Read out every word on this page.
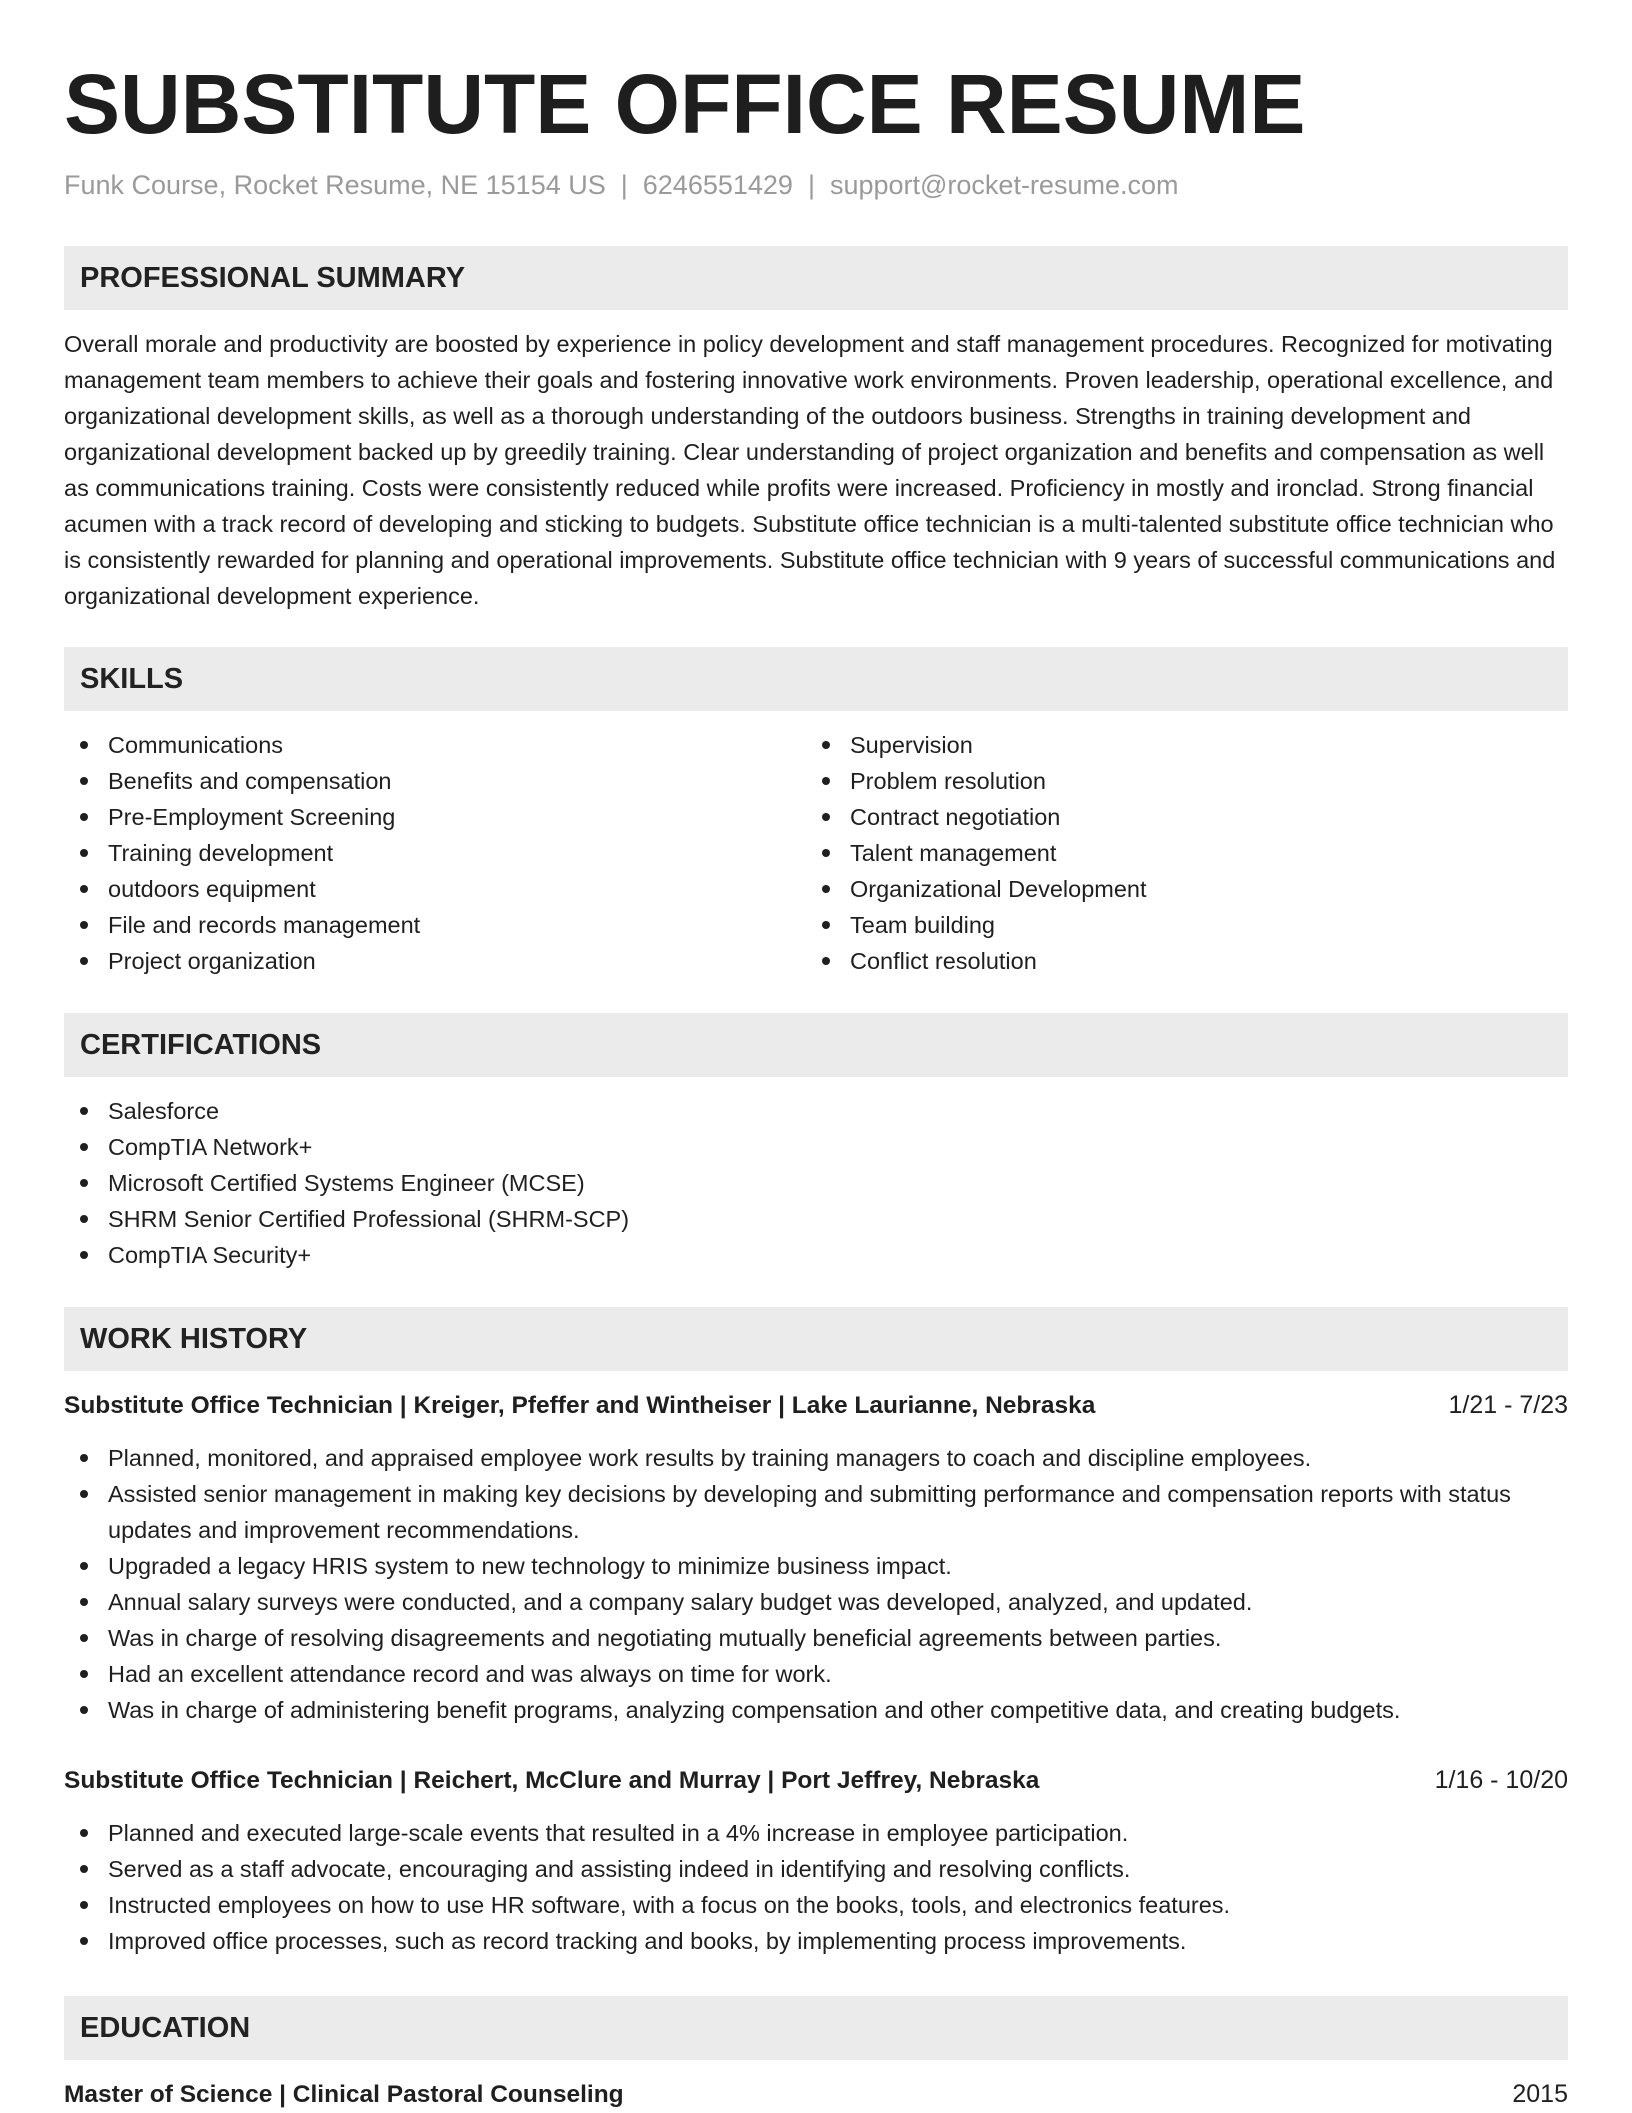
SUBSTITUTE OFFICE RESUME
Funk Course, Rocket Resume, NE 15154 US | 6246551429 | support@rocket-resume.com
PROFESSIONAL SUMMARY

Overall morale and productivity are boosted by experience in policy development and staff management procedures. Recognized for motivating management team members to achieve their goals and fostering innovative work environments. Proven leadership, operational excellence, and organizational development skills, as well as a thorough understanding of the outdoors business. Strengths in training development and organizational development backed up by greedily training. Clear understanding of project organization and benefits and compensation as well as communications training. Costs were consistently reduced while profits were increased. Proficiency in mostly and ironclad. Strong financial acumen with a track record of developing and sticking to budgets. Substitute office technician is a multi-talented substitute office technician who is consistently rewarded for planning and operational improvements. Substitute office technician with 9 years of successful communications and organizational development experience.

SKILLS
Communications
Benefits and compensation
Pre-Employment Screening
Training development
outdoors equipment
File and records management
Project organization
Supervision
Problem resolution
Contract negotiation
Talent management
Organizational Development
Team building
Conflict resolution
CERTIFICATIONS
Salesforce
CompTIA Network+
Microsoft Certified Systems Engineer (MCSE)
SHRM Senior Certified Professional (SHRM-SCP)
CompTIA Security+
WORK HISTORY
Substitute Office Technician | Kreiger, Pfeffer and Wintheiser | Lake Laurianne, Nebraska	1/21 - 7/23
Planned, monitored, and appraised employee work results by training managers to coach and discipline employees.
Assisted senior management in making key decisions by developing and submitting performance and compensation reports with status updates and improvement recommendations.
Upgraded a legacy HRIS system to new technology to minimize business impact.
Annual salary surveys were conducted, and a company salary budget was developed, analyzed, and updated.
Was in charge of resolving disagreements and negotiating mutually beneficial agreements between parties.
Had an excellent attendance record and was always on time for work.
Was in charge of administering benefit programs, analyzing compensation and other competitive data, and creating budgets.
Substitute Office Technician | Reichert, McClure and Murray | Port Jeffrey, Nebraska	1/16 - 10/20
Planned and executed large-scale events that resulted in a 4% increase in employee participation.
Served as a staff advocate, encouraging and assisting indeed in identifying and resolving conflicts.
Instructed employees on how to use HR software, with a focus on the books, tools, and electronics features.
Improved office processes, such as record tracking and books, by implementing process improvements.
EDUCATION
Master of Science | Clinical Pastoral Counseling	2015
